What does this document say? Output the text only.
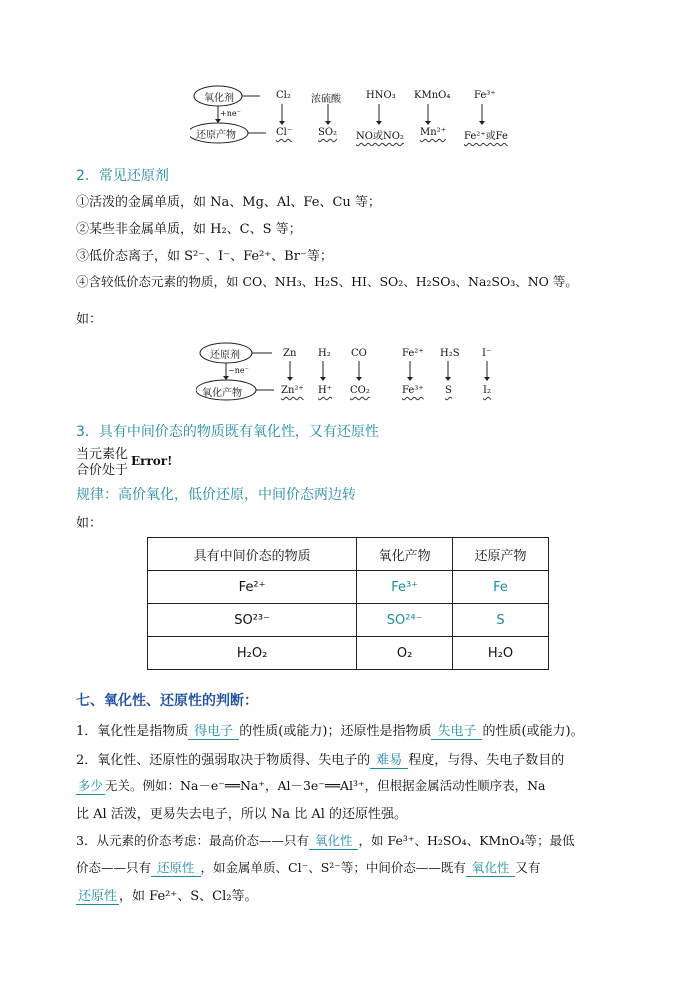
氧化剂
+ne⁻
还原产物
Cl₂ 浓硫酸	HNO₃ KMnO₄ Fe³⁺
Cl⁻	SO₂ NO或NO₂ Mn²⁺ Fe²⁺或Fe
2．常见还原剂
①活泼的金属单质，如 Na、Mg、Al、Fe、Cu 等；
②某些非金属单质，如 H₂、C、S 等；
③低价态离子，如 S²⁻、I⁻、Fe²⁺、Br⁻等；
④含较低价态元素的物质，如 CO、NH₃、H₂S、HI、SO₂、H₂SO₃、Na₂SO₃、NO 等。
如：
还原剂
−ne⁻
氧化产物
Zn H₂ CO	Fe²⁺ H₂S I⁻
Zn²⁺ H⁺ CO₂	Fe³⁺ S	I₂
3．具有中间价态的物质既有氧化性，又有还原性
当元素化
合价处于
Error!
规律：高价氧化，低价还原，中间价态两边转
如：
具有中间价态的物质	氧化产物	还原产物
Fe²⁺	Fe³⁺	Fe
SO²³⁻	SO²⁴⁻	S
H₂O₂	O₂	H₂O
七、氧化性、还原性的判断：
1．氧化性是指物质 得电子 的性质(或能力)；还原性是指物质 失电子 的性质(或能力)。
2．氧化性、还原性的强弱取决于物质得、失电子的 难易 程度，与得、失电子数目的
多少 无关。例如：Na－e⁻══Na⁺，Al－3e⁻══Al³⁺，但根据金属活动性顺序表，Na
比 Al 活泼，更易失去电子，所以 Na 比 Al 的还原性强。
3．从元素的价态考虑：最高价态——只有 氧化性 ，如 Fe³⁺、H₂SO₄、KMnO₄等；最低
价态——只有 还原性 ，如金属单质、Cl⁻、S²⁻等；中间价态——既有 氧化性 又有
还原性 ，如 Fe²⁺、S、Cl₂等。
